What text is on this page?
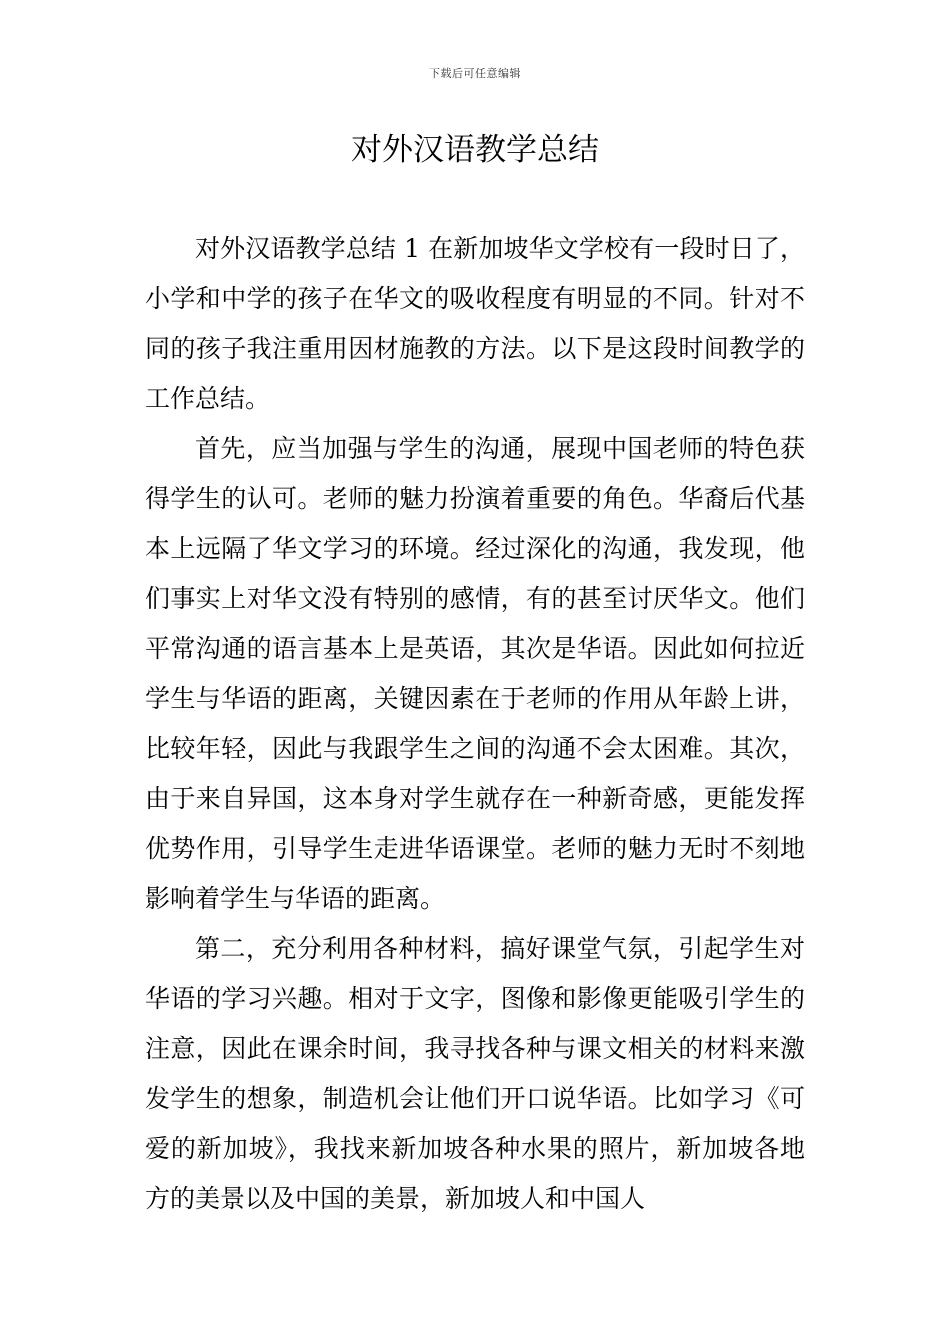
下载后可任意编辑
对外汉语教学总结

对外汉语教学总结 1 在新加坡华文学校有一段时日了，小学和中学的孩子在华文的吸收程度有明显的不同。针对不同的孩子我注重用因材施教的方法。以下是这段时间教学的工作总结。

首先，应当加强与学生的沟通，展现中国老师的特色获得学生的认可。老师的魅力扮演着重要的角色。华裔后代基本上远隔了华文学习的环境。经过深化的沟通，我发现，他们事实上对华文没有特别的感情，有的甚至讨厌华文。他们平常沟通的语言基本上是英语，其次是华语。因此如何拉近学生与华语的距离，关键因素在于老师的作用从年龄上讲，比较年轻，因此与我跟学生之间的沟通不会太困难。其次，由于来自异国，这本身对学生就存在一种新奇感，更能发挥优势作用，引导学生走进华语课堂。老师的魅力无时不刻地影响着学生与华语的距离。

第二，充分利用各种材料，搞好课堂气氛，引起学生对华语的学习兴趣。相对于文字，图像和影像更能吸引学生的注意，因此在课余时间，我寻找各种与课文相关的材料来激发学生的想象，制造机会让他们开口说华语。比如学习《可爱的新加坡》，我找来新加坡各种水果的照片，新加坡各地方的美景以及中国的美景，新加坡人和中国人
